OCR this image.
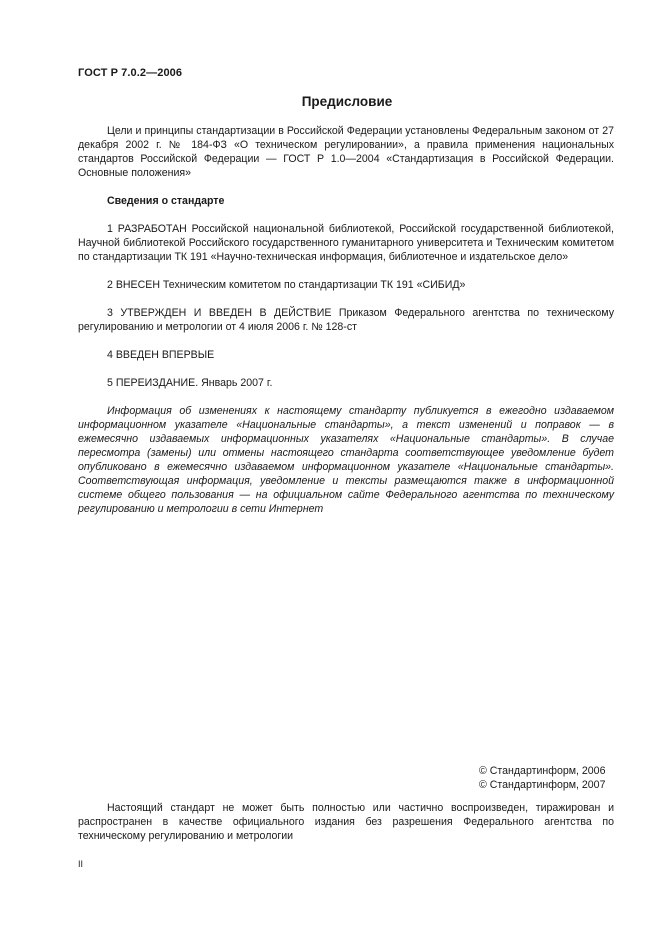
ГОСТ Р 7.0.2—2006
Предисловие

Цели и принципы стандартизации в Российской Федерации установлены Федеральным законом от 27 декабря 2002 г. № 184-ФЗ «О техническом регулировании», а правила применения национальных стандартов Российской Федерации — ГОСТ Р 1.0—2004 «Стандартизация в Российской Федерации. Основные положения»

Сведения о стандарте

1 РАЗРАБОТАН Российской национальной библиотекой, Российской государственной библиотекой, Научной библиотекой Российского государственного гуманитарного университета и Техническим комитетом по стандартизации ТК 191 «Научно-техническая информация, библиотечное и издательское дело»

2 ВНЕСЕН Техническим комитетом по стандартизации ТК 191 «СИБИД»

3 УТВЕРЖДЕН И ВВЕДЕН В ДЕЙСТВИЕ Приказом Федерального агентства по техническому регулированию и метрологии от 4 июля 2006 г. № 128-ст

4 ВВЕДЕН ВПЕРВЫЕ

5 ПЕРЕИЗДАНИЕ. Январь 2007 г.

Информация об изменениях к настоящему стандарту публикуется в ежегодно издаваемом информационном указателе «Национальные стандарты», а текст изменений и поправок — в ежемесячно издаваемых информационных указателях «Национальные стандарты». В случае пересмотра (замены) или отмены настоящего стандарта соответствующее уведомление будет опубликовано в ежемесячно издаваемом информационном указателе «Национальные стандарты». Соответствующая информация, уведомление и тексты размещаются также в информационной системе общего пользования — на официальном сайте Федерального агентства по техническому регулированию и метрологии в сети Интернет

© Стандартинформ, 2006
© Стандартинформ, 2007

Настоящий стандарт не может быть полностью или частично воспроизведен, тиражирован и распространен в качестве официального издания без разрешения Федерального агентства по техническому регулированию и метрологии

II
